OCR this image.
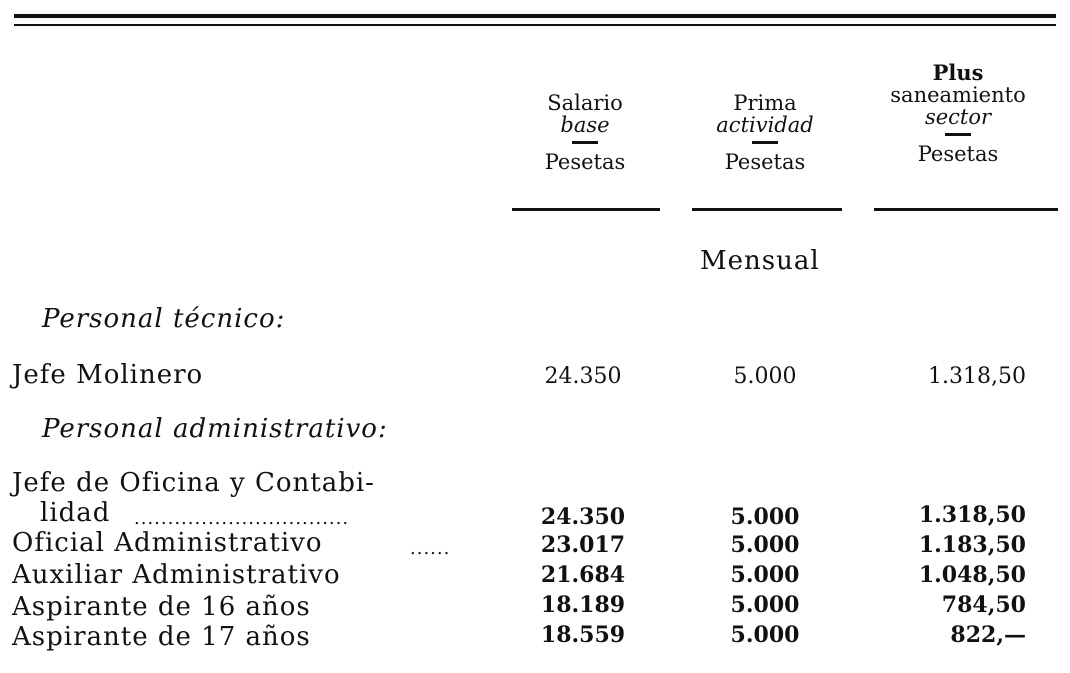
Salario
base
Pesetas
Prima
actividad
Pesetas
Plus
saneamiento
sector
Pesetas
Mensual
Personal técnico:
Jefe Molinero	24.350	5.000	1.318,50
Personal administrativo:
Jefe de Oficina y Contabi-
lidad ................................	24.350	5.000	1.318,50
Oficial Administrativo	......	23.017	5.000	1.183,50
Auxiliar Administrativo	21.684	5.000	1.048,50
Aspirante de 16 años	18.189	5.000	784,50
Aspirante de 17 años	18.559	5.000	822,—
